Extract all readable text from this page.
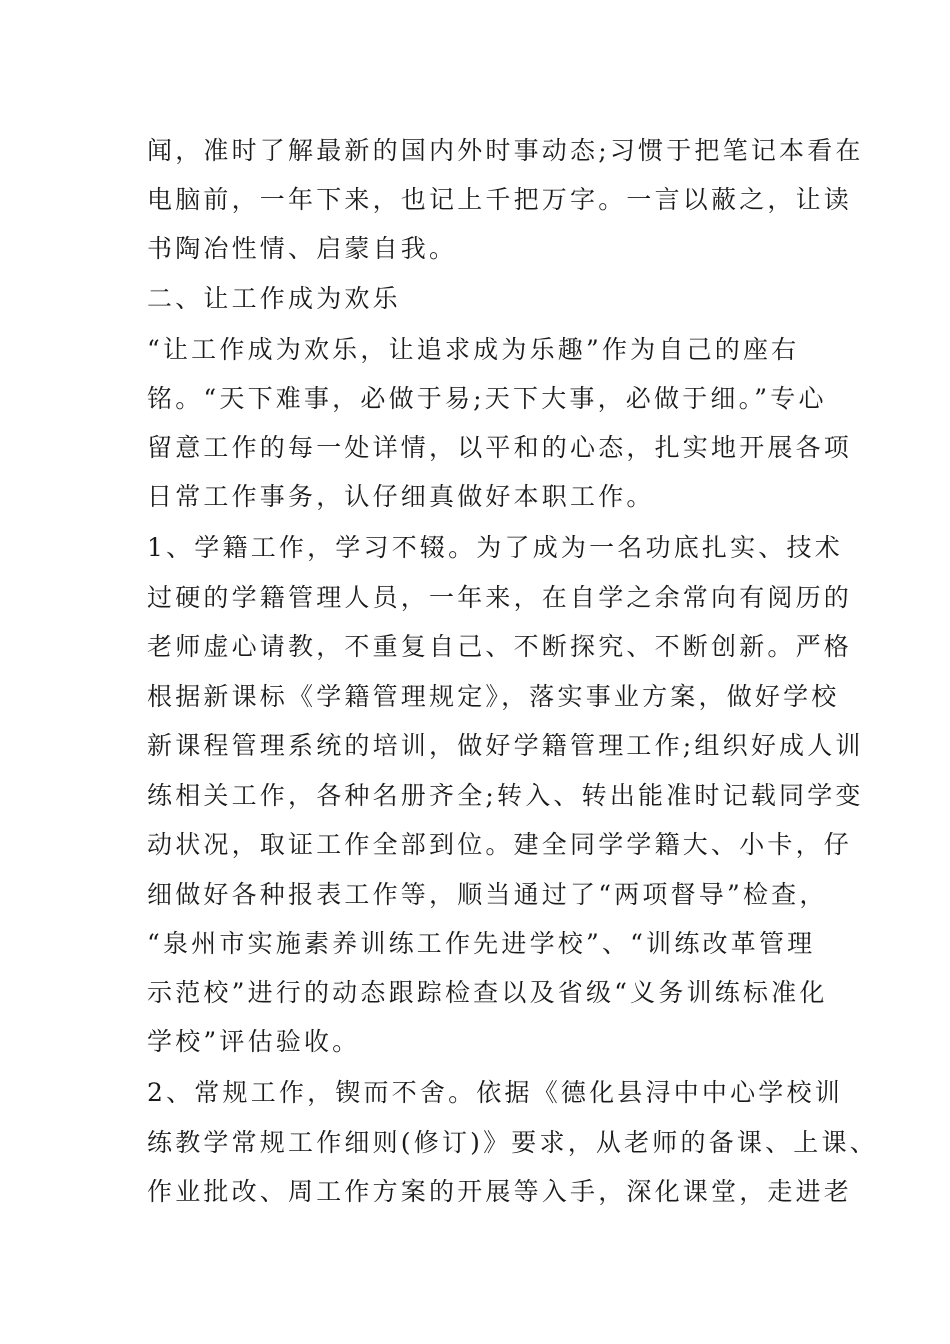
闻，准时了解最新的国内外时事动态;习惯于把笔记本看在
电脑前，一年下来，也记上千把万字。一言以蔽之，让读
书陶冶性情、启蒙自我。
二、让工作成为欢乐
“让工作成为欢乐，让追求成为乐趣”作为自己的座右
铭。“天下难事，必做于易;天下大事，必做于细。”专心
留意工作的每一处详情，以平和的心态，扎实地开展各项
日常工作事务，认仔细真做好本职工作。
1、学籍工作，学习不辍。为了成为一名功底扎实、技术
过硬的学籍管理人员，一年来，在自学之余常向有阅历的
老师虚心请教，不重复自己、不断探究、不断创新。严格
根据新课标《学籍管理规定》，落实事业方案，做好学校
新课程管理系统的培训，做好学籍管理工作;组织好成人训
练相关工作，各种名册齐全;转入、转出能准时记载同学变
动状况，取证工作全部到位。建全同学学籍大、小卡，仔
细做好各种报表工作等，顺当通过了“两项督导”检查，
“泉州市实施素养训练工作先进学校”、“训练改革管理
示范校”进行的动态跟踪检查以及省级“义务训练标准化
学校”评估验收。
2、常规工作，锲而不舍。依据《德化县浔中中心学校训
练教学常规工作细则(修订)》要求，从老师的备课、上课、
作业批改、周工作方案的开展等入手，深化课堂，走进老
